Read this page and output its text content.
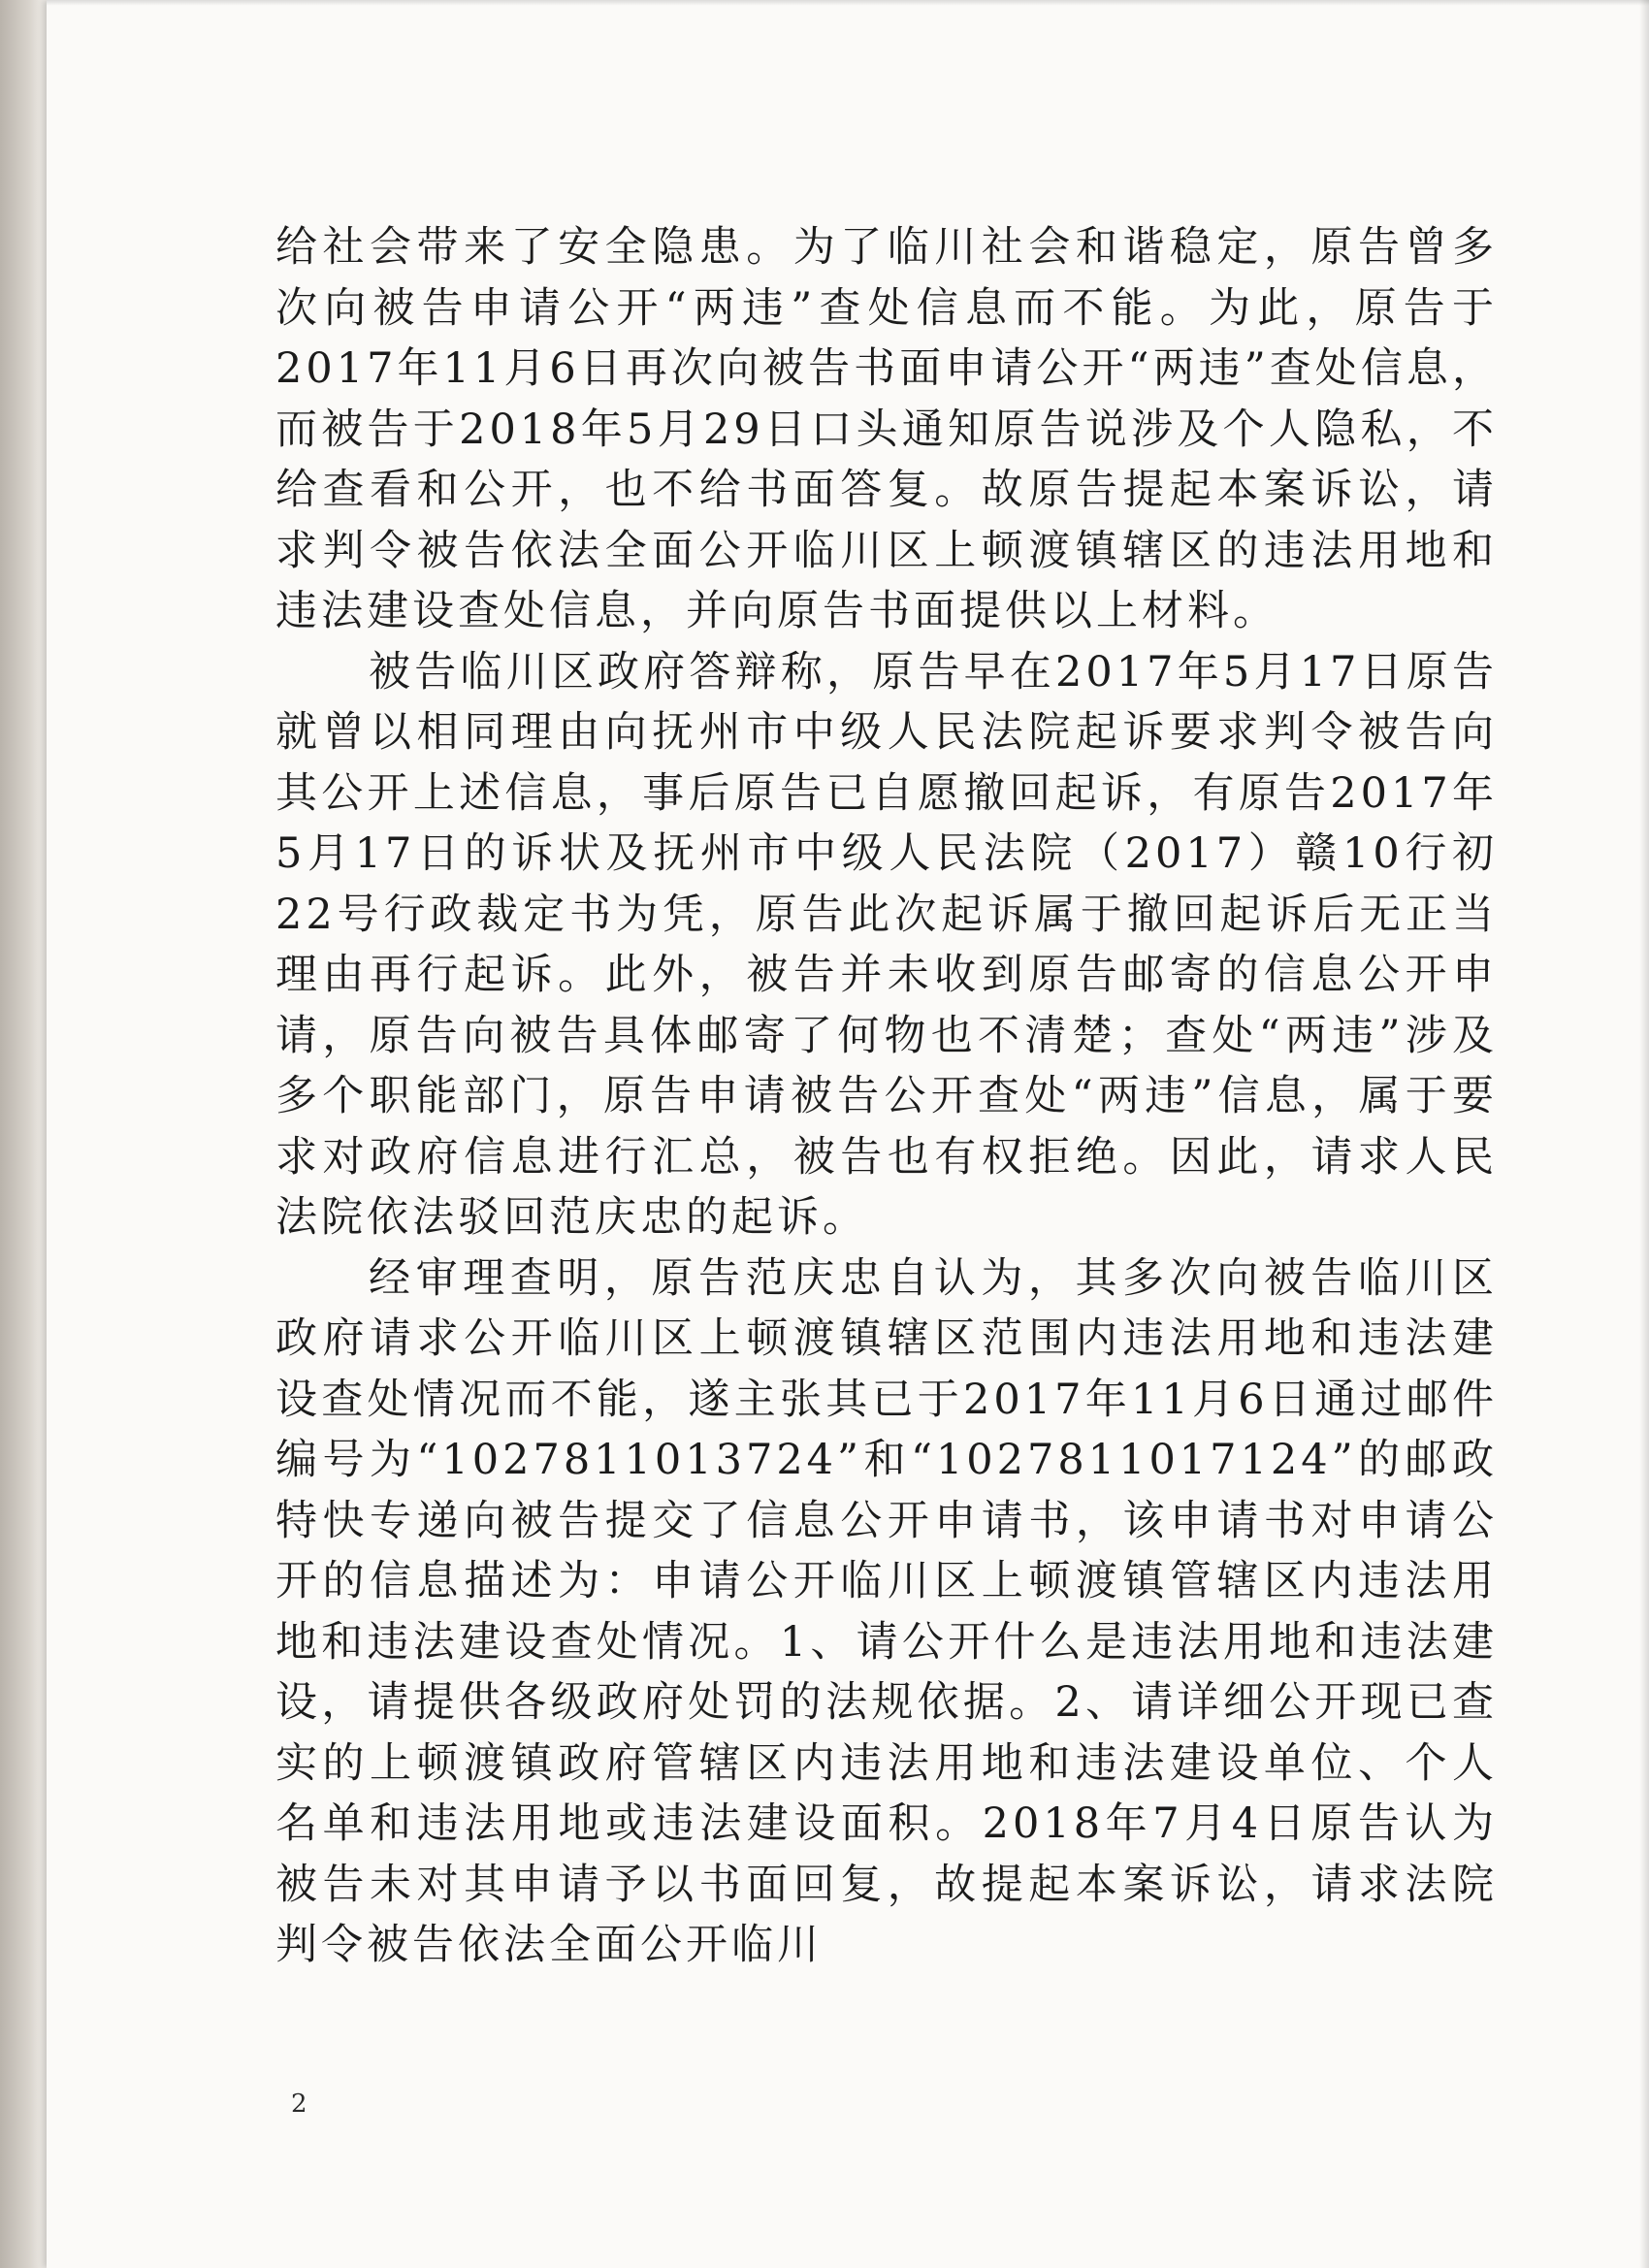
给社会带来了安全隐患。为了临川社会和谐稳定，原告曾多次向被告申请公开“两违”查处信息而不能。为此，原告于2017年11月6日再次向被告书面申请公开“两违”查处信息，而被告于2018年5月29日口头通知原告说涉及个人隐私，不给查看和公开，也不给书面答复。故原告提起本案诉讼，请求判令被告依法全面公开临川区上顿渡镇辖区的违法用地和违法建设查处信息，并向原告书面提供以上材料。

被告临川区政府答辩称，原告早在2017年5月17日原告就曾以相同理由向抚州市中级人民法院起诉要求判令被告向其公开上述信息，事后原告已自愿撤回起诉，有原告2017年5月17日的诉状及抚州市中级人民法院（2017）赣10行初22号行政裁定书为凭，原告此次起诉属于撤回起诉后无正当理由再行起诉。此外，被告并未收到原告邮寄的信息公开申请，原告向被告具体邮寄了何物也不清楚；查处“两违”涉及多个职能部门，原告申请被告公开查处“两违”信息，属于要求对政府信息进行汇总，被告也有权拒绝。因此，请求人民法院依法驳回范庆忠的起诉。

经审理查明，原告范庆忠自认为，其多次向被告临川区政府请求公开临川区上顿渡镇辖区范围内违法用地和违法建设查处情况而不能，遂主张其已于2017年11月6日通过邮件编号为“1027811013724”和“1027811017124”的邮政特快专递向被告提交了信息公开申请书，该申请书对申请公开的信息描述为：申请公开临川区上顿渡镇管辖区内违法用地和违法建设查处情况。1、请公开什么是违法用地和违法建设，请提供各级政府处罚的法规依据。2、请详细公开现已查实的上顿渡镇政府管辖区内违法用地和违法建设单位、个人名单和违法用地或违法建设面积。2018年7月4日原告认为被告未对其申请予以书面回复，故提起本案诉讼，请求法院判令被告依法全面公开临川

2
